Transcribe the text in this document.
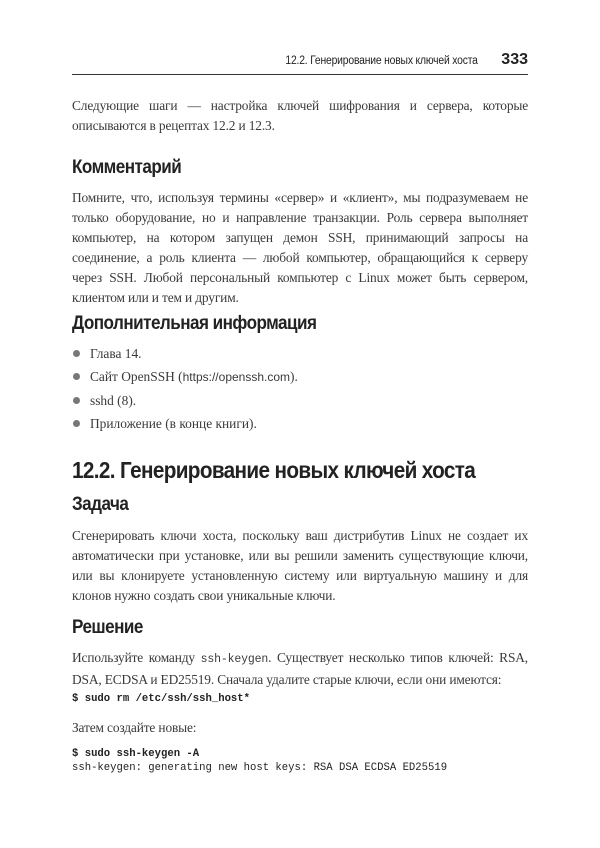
12.2. Генерирование новых ключей хоста 333

Следующие шаги — настройка ключей шифрования и сервера, которые описываются в рецептах 12.2 и 12.3.

Комментарий

Помните, что, используя термины «сервер» и «клиент», мы подразумеваем не только оборудование, но и направление транзакции. Роль сервера выполняет компьютер, на котором запущен демон SSH, принимающий запросы на соединение, а роль клиента — любой компьютер, обращающийся к серверу через SSH. Любой персональный компьютер с Linux может быть сервером, клиентом или и тем и другим.

Дополнительная информация
Глава 14.
Сайт OpenSSH (https://openssh.com).
sshd (8).
Приложение (в конце книги).
12.2. Генерирование новых ключей хоста
Задача

Сгенерировать ключи хоста, поскольку ваш дистрибутив Linux не создает их автоматически при установке, или вы решили заменить существующие ключи, или вы клонируете установленную систему или виртуальную машину и для клонов нужно создать свои уникальные ключи.

Решение

Используйте команду ssh-keygen. Существует несколько типов ключей: RSA, DSA, ECDSA и ED25519. Сначала удалите старые ключи, если они имеются:

$ sudo rm /etc/ssh/ssh_host*

Затем создайте новые:

$ sudo ssh-keygen -A
ssh-keygen: generating new host keys: RSA DSA ECDSA ED25519
